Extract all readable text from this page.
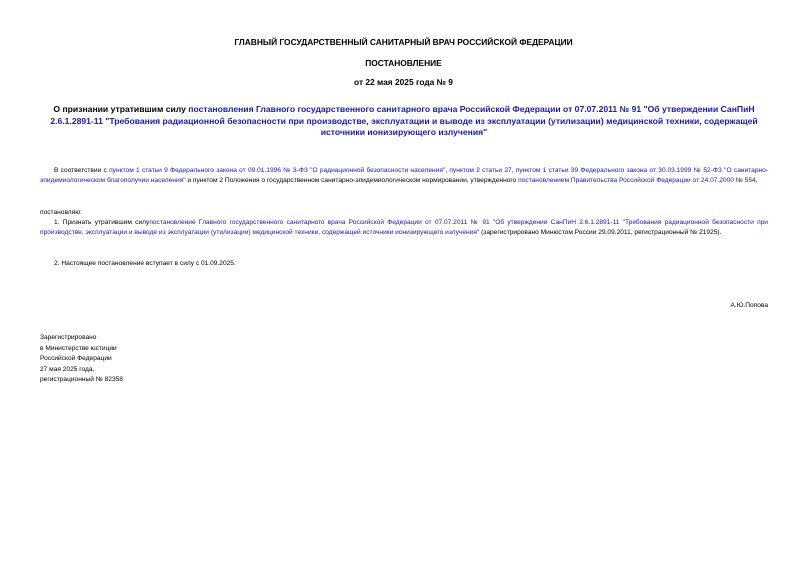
ГЛАВНЫЙ ГОСУДАРСТВЕННЫЙ САНИТАРНЫЙ ВРАЧ РОССИЙСКОЙ ФЕДЕРАЦИИ
ПОСТАНОВЛЕНИЕ
от 22 мая 2025 года № 9
О признании утратившим силу постановления Главного государственного санитарного врача Российской Федерации от 07.07.2011 № 91 "Об утверждении СанПиН 2.6.1.2891-11 "Требования радиационной безопасности при производстве, эксплуатации и выводе из эксплуатации (утилизации) медицинской техники, содержащей источники ионизирующего излучения"
В соответствии с пунктом 1 статьи 9 Федерального закона от 09.01.1996 № 3-ФЗ "О радиационной безопасности населения", пунктом 2 статьи 27, пунктом 1 статьи 39 Федерального закона от 30.03.1999 № 52-ФЗ "О санитарно-эпидемиологическом благополучии населения" и пунктом 2 Положения о государственном санитарно-эпидемиологическом нормировании, утвержденного постановлением Правительства Российской Федерации от 24.07.2000 № 554,
постановляю:
1. Признать утратившим силупостановление Главного государственного санитарного врача Российской Федерации от 07.07.2011 № 91 "Об утверждении СанПиН 2.6.1.2891-11 "Требования радиационной безопасности при производстве, эксплуатации и выводе из эксплуатации (утилизации) медицинской техники, содержащей источники ионизирующего излучения" (зарегистрировано Минюстом России 29.09.2011, регистрационный № 21925).
2. Настоящее постановление вступает в силу с 01.09.2025.
А.Ю.Попова
Зарегистрировано
в Министерстве юстиции
Российской Федерации
27 мая 2025 года,
регистрационный № 82358
